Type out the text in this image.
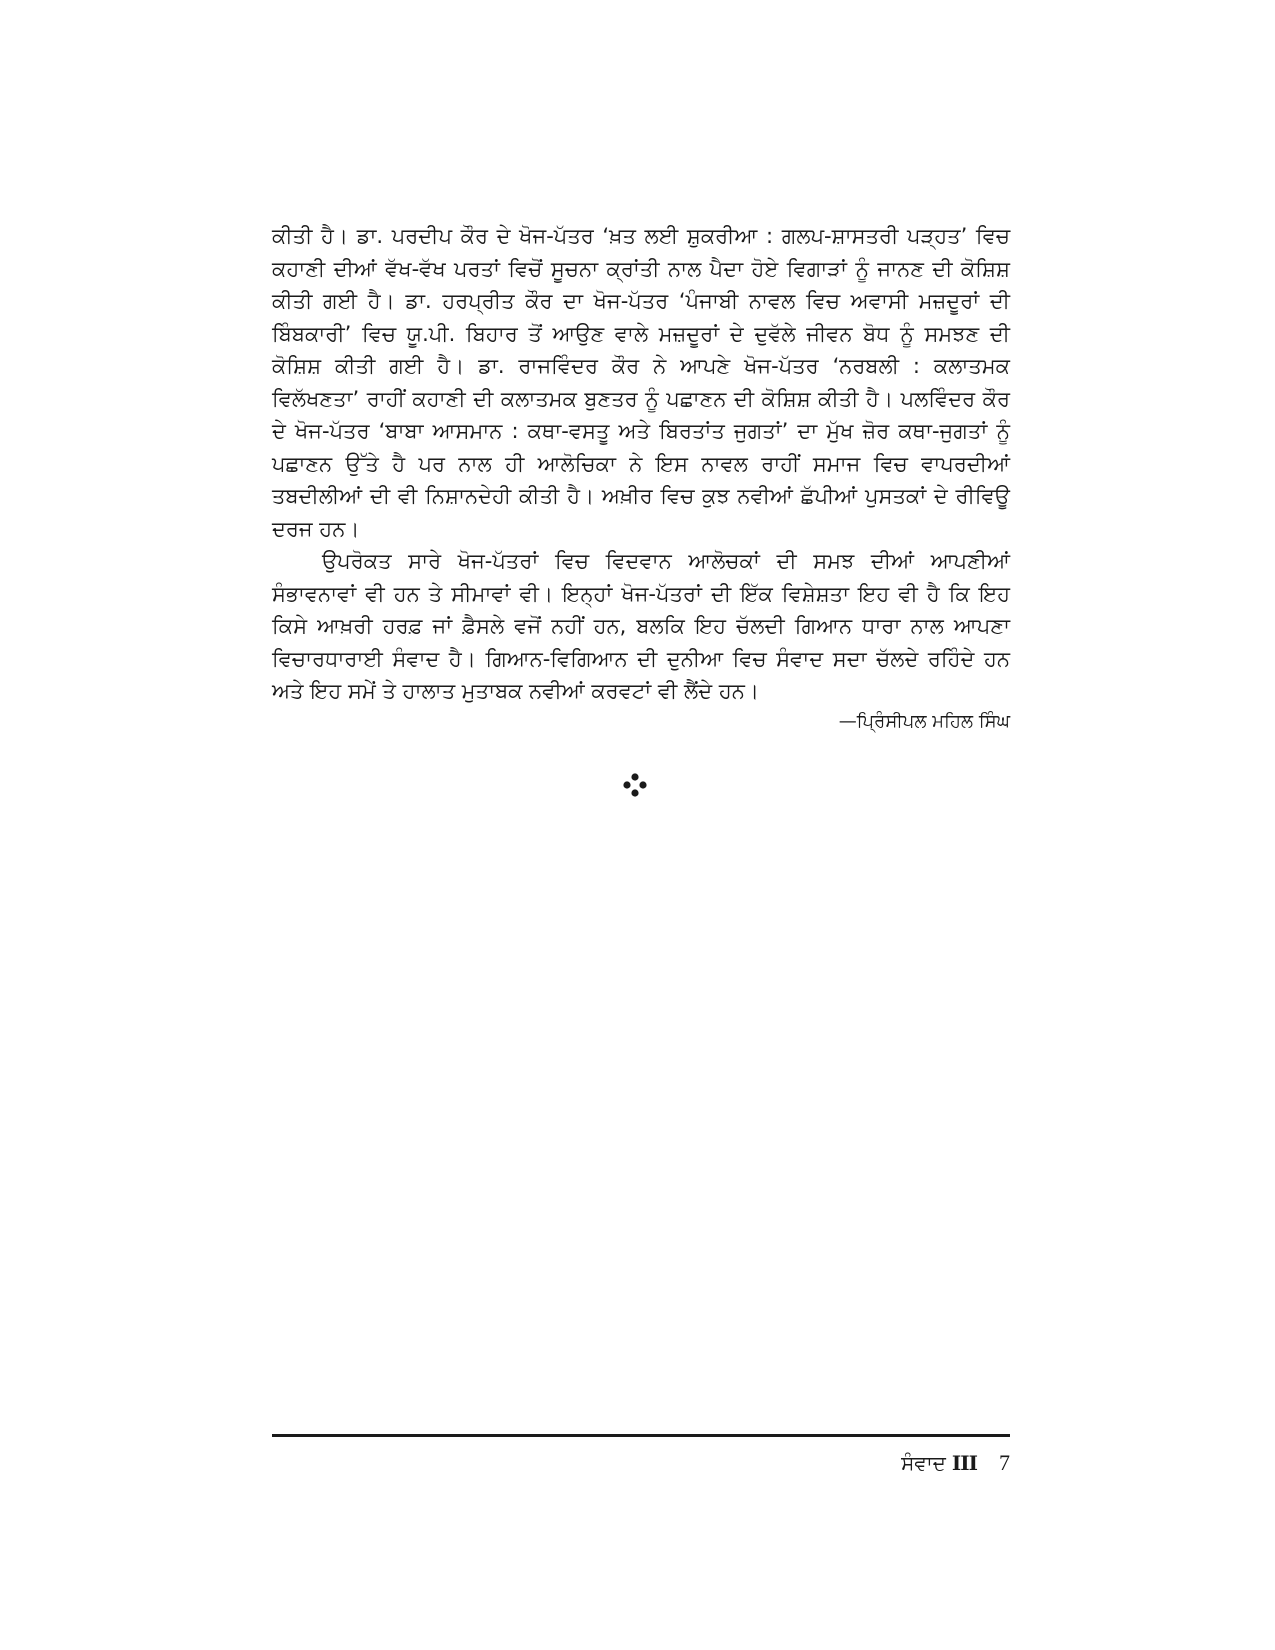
ਕੀਤੀ ਹੈ। ਡਾ. ਪਰਦੀਪ ਕੌਰ ਦੇ ਖੋਜ-ਪੱਤਰ ‘ਖ਼ਤ ਲਈ ਸ਼ੁਕਰੀਆ : ਗਲਪ-ਸ਼ਾਸਤਰੀ ਪੜ੍ਹਤ’ ਵਿਚ ਕਹਾਣੀ ਦੀਆਂ ਵੱਖ-ਵੱਖ ਪਰਤਾਂ ਵਿਚੋਂ ਸੂਚਨਾ ਕ੍ਰਾਂਤੀ ਨਾਲ ਪੈਦਾ ਹੋਏ ਵਿਗਾੜਾਂ ਨੂੰ ਜਾਨਣ ਦੀ ਕੋਸ਼ਿਸ਼ ਕੀਤੀ ਗਈ ਹੈ। ਡਾ. ਹਰਪ੍ਰੀਤ ਕੌਰ ਦਾ ਖੋਜ-ਪੱਤਰ ‘ਪੰਜਾਬੀ ਨਾਵਲ ਵਿਚ ਅਵਾਸੀ ਮਜ਼ਦੂਰਾਂ ਦੀ ਬਿੰਬਕਾਰੀ’ ਵਿਚ ਯੂ.ਪੀ. ਬਿਹਾਰ ਤੋਂ ਆਉਣ ਵਾਲੇ ਮਜ਼ਦੂਰਾਂ ਦੇ ਦੁਵੱਲੇ ਜੀਵਨ ਬੋਧ ਨੂੰ ਸਮਝਣ ਦੀ ਕੋਸ਼ਿਸ਼ ਕੀਤੀ ਗਈ ਹੈ। ਡਾ. ਰਾਜਵਿੰਦਰ ਕੌਰ ਨੇ ਆਪਣੇ ਖੋਜ-ਪੱਤਰ ‘ਨਰਬਲੀ : ਕਲਾਤਮਕ ਵਿਲੱਖਣਤਾ’ ਰਾਹੀਂ ਕਹਾਣੀ ਦੀ ਕਲਾਤਮਕ ਬੁਣਤਰ ਨੂੰ ਪਛਾਣਨ ਦੀ ਕੋਸ਼ਿਸ਼ ਕੀਤੀ ਹੈ। ਪਲਵਿੰਦਰ ਕੌਰ ਦੇ ਖੋਜ-ਪੱਤਰ ‘ਬਾਬਾ ਆਸਮਾਨ : ਕਥਾ-ਵਸਤੂ ਅਤੇ ਬਿਰਤਾਂਤ ਜੁਗਤਾਂ’ ਦਾ ਮੁੱਖ ਜ਼ੋਰ ਕਥਾ-ਜੁਗਤਾਂ ਨੂੰ ਪਛਾਣਨ ਉੱਤੇ ਹੈ ਪਰ ਨਾਲ ਹੀ ਆਲੋਚਿਕਾ ਨੇ ਇਸ ਨਾਵਲ ਰਾਹੀਂ ਸਮਾਜ ਵਿਚ ਵਾਪਰਦੀਆਂ ਤਬਦੀਲੀਆਂ ਦੀ ਵੀ ਨਿਸ਼ਾਨਦੇਹੀ ਕੀਤੀ ਹੈ। ਅਖ਼ੀਰ ਵਿਚ ਕੁਝ ਨਵੀਆਂ ਛੱਪੀਆਂ ਪੁਸਤਕਾਂ ਦੇ ਰੀਵਿਊ ਦਰਜ ਹਨ।

ਉਪਰੋਕਤ ਸਾਰੇ ਖੋਜ-ਪੱਤਰਾਂ ਵਿਚ ਵਿਦਵਾਨ ਆਲੋਚਕਾਂ ਦੀ ਸਮਝ ਦੀਆਂ ਆਪਣੀਆਂ ਸੰਭਾਵਨਾਵਾਂ ਵੀ ਹਨ ਤੇ ਸੀਮਾਵਾਂ ਵੀ। ਇਨ੍ਹਾਂ ਖੋਜ-ਪੱਤਰਾਂ ਦੀ ਇੱਕ ਵਿਸ਼ੇਸ਼ਤਾ ਇਹ ਵੀ ਹੈ ਕਿ ਇਹ ਕਿਸੇ ਆਖ਼ਰੀ ਹਰਫ਼ ਜਾਂ ਫ਼ੈਸਲੇ ਵਜੋਂ ਨਹੀਂ ਹਨ, ਬਲਕਿ ਇਹ ਚੱਲਦੀ ਗਿਆਨ ਧਾਰਾ ਨਾਲ ਆਪਣਾ ਵਿਚਾਰਧਾਰਾਈ ਸੰਵਾਦ ਹੈ। ਗਿਆਨ-ਵਿਗਿਆਨ ਦੀ ਦੁਨੀਆ ਵਿਚ ਸੰਵਾਦ ਸਦਾ ਚੱਲਦੇ ਰਹਿੰਦੇ ਹਨ ਅਤੇ ਇਹ ਸਮੇਂ ਤੇ ਹਾਲਾਤ ਮੁਤਾਬਕ ਨਵੀਆਂ ਕਰਵਟਾਂ ਵੀ ਲੈਂਦੇ ਹਨ।

—ਪ੍ਰਿੰਸੀਪਲ ਮਹਿਲ ਸਿੰਘ

ਸੰਵਾਦ III 7
